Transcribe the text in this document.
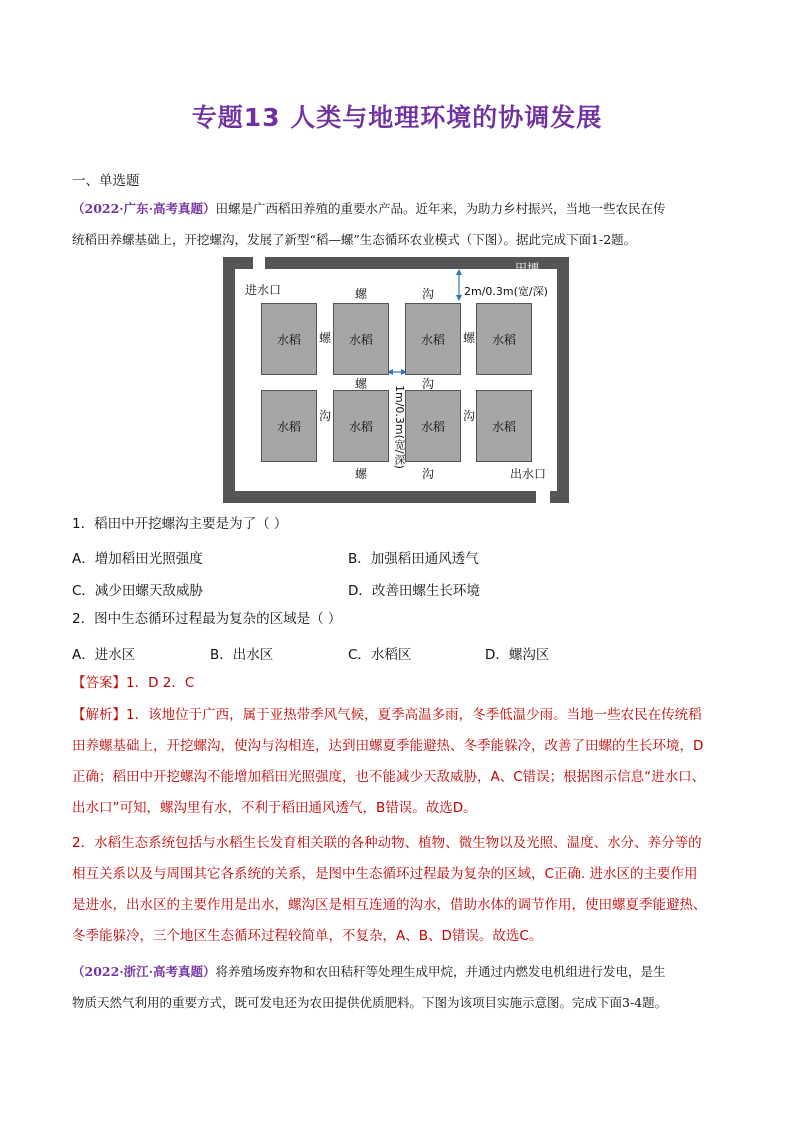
专题13 人类与地理环境的协调发展
一、单选题
（2022·广东·高考真题）田螺是广西稻田养殖的重要水产品。近年来，为助力乡村振兴，当地一些农民在传
统稻田养螺基础上，开挖螺沟，发展了新型“稻—螺”生态循环农业模式（下图）。据此完成下面1-2题。
田埂
进水口	螺	沟	2m/0.3m(宽/深)
水稻	水稻	水稻	水稻
水稻	水稻	水稻	水稻
螺	螺
螺	沟
沟	沟
螺	沟	出水口
1m/0.3m(宽/深)
1．稻田中开挖螺沟主要是为了（ ）
A．增加稻田光照强度	B．加强稻田通风透气
C．减少田螺天敌威胁	D．改善田螺生长环境
2．图中生态循环过程最为复杂的区域是（ ）
A．进水区	B．出水区	C．水稻区	D．螺沟区
【答案】1．D 2．C
【解析】1．该地位于广西，属于亚热带季风气候，夏季高温多雨，冬季低温少雨。当地一些农民在传统稻
田养螺基础上，开挖螺沟，使沟与沟相连，达到田螺夏季能避热、冬季能躲冷，改善了田螺的生长环境，D
正确；稻田中开挖螺沟不能增加稻田光照强度，也不能减少天敌威胁，A、C错误；根据图示信息“进水口、
出水口”可知，螺沟里有水，不利于稻田通风透气，B错误。故选D。
2．水稻生态系统包括与水稻生长发育相关联的各种动物、植物、微生物以及光照、温度、水分、养分等的
相互关系以及与周围其它各系统的关系，是图中生态循环过程最为复杂的区域，C正确. 进水区的主要作用
是进水，出水区的主要作用是出水，螺沟区是相互连通的沟水，借助水体的调节作用，使田螺夏季能避热、
冬季能躲冷，三个地区生态循环过程较简单，不复杂，A、B、D错误。故选C。
（2022·浙江·高考真题）将养殖场废弃物和农田秸秆等处理生成甲烷，并通过内燃发电机组进行发电，是生
物质天然气利用的重要方式，既可发电还为农田提供优质肥料。下图为该项目实施示意图。完成下面3-4题。
